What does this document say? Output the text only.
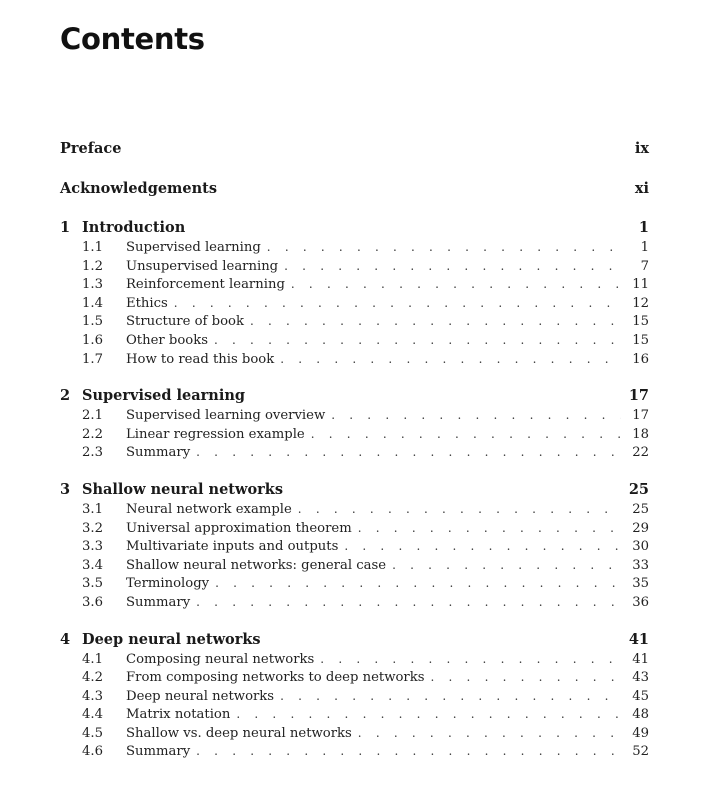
Contents
Preface	ix
Acknowledgements	xi
1 Introduction	1
1.1	Supervised learning . . .	1
1.2	Unsupervised learning . . .	7
1.3	Reinforcement learning . . .	11
1.4	Ethics . . .	12
1.5	Structure of book . . .	15
1.6	Other books . . .	15
1.7	How to read this book . . .	16
2 Supervised learning	17
2.1	Supervised learning overview . . .	17
2.2	Linear regression example . . .	18
2.3	Summary . . .	22
3 Shallow neural networks	25
3.1	Neural network example . . .	25
3.2	Universal approximation theorem . . .	29
3.3	Multivariate inputs and outputs . . .	30
3.4	Shallow neural networks: general case . . .	33
3.5	Terminology . . .	35
3.6	Summary . . .	36
4 Deep neural networks	41
4.1	Composing neural networks . . .	41
4.2	From composing networks to deep networks . . .	43
4.3	Deep neural networks . . .	45
4.4	Matrix notation . . .	48
4.5	Shallow vs. deep neural networks . . .	49
4.6	Summary . . .	52
